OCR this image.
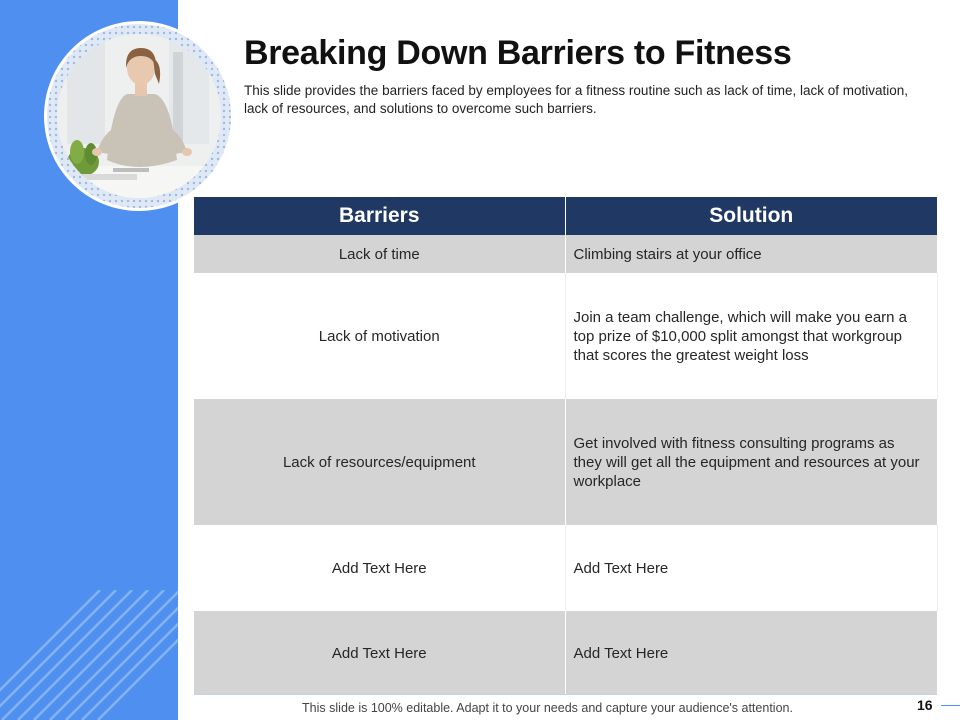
Breaking Down Barriers to Fitness

This slide provides the barriers faced by employees for a fitness routine such as lack of time, lack of motivation, lack of resources, and solutions to overcome such barriers.

Barriers	Solution
Lack of time	Climbing stairs at your office
Lack of motivation	Join a team challenge, which will make you earn a top prize of $10,000 split amongst that workgroup that scores the greatest weight loss
Lack of resources/equipment	Get involved with fitness consulting programs as they will get all the equipment and resources at your workplace
Add Text Here	Add Text Here
Add Text Here	Add Text Here
This slide is 100% editable. Adapt it to your needs and capture your audience's attention.	16
